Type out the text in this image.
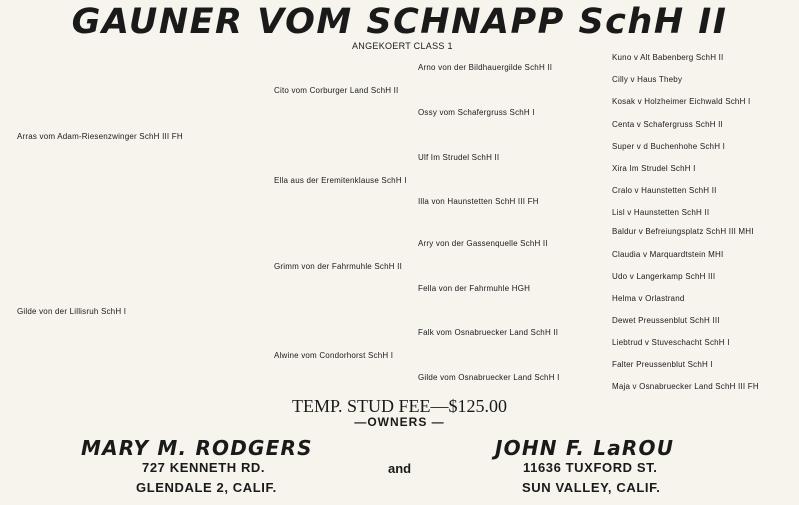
GAUNER VOM SCHNAPP SchH II
ANGEKOERT CLASS 1
Arras vom Adam-Riesenzwinger SchH III FH
Gilde von der Lillisruh SchH I
Cito vom Corburger Land SchH II
Ella aus der Eremitenklause SchH I
Grimm von der Fahrmuhle SchH II
Alwine vom Condorhorst SchH I
Arno von der Bildhauergilde SchH II
Ossy vom Schafergruss SchH I
Ulf Im Strudel SchH II
Illa von Haunstetten SchH III FH
Arry von der Gassenquelle SchH II
Fella von der Fahrmuhle HGH
Falk vom Osnabruecker Land SchH II
Gilde vom Osnabruecker Land SchH I
Kuno v Alt Babenberg SchH II
Cilly v Haus Theby
Kosak v Holzheimer Eichwald SchH I
Centa v Schafergruss SchH II
Super v d Buchenhohe SchH I
Xira Im Strudel SchH I
Cralo v Haunstetten SchH II
Lisl v Haunstetten SchH II
Baldur v Befreiungsplatz SchH III MHI
Claudia v Marquardtstein MHI
Udo v Langerkamp SchH III
Helma v Orlastrand
Dewet Preussenblut SchH III
Liebtrud v Stuveschacht SchH I
Falter Preussenblut SchH I
Maja v Osnabruecker Land SchH III FH
TEMP. STUD FEE—$125.00
—OWNERS —
MARY M. RODGERS
727 KENNETH RD.
GLENDALE 2, CALIF.
and
JOHN F. LaROU
11636 TUXFORD ST.
SUN VALLEY, CALIF.
